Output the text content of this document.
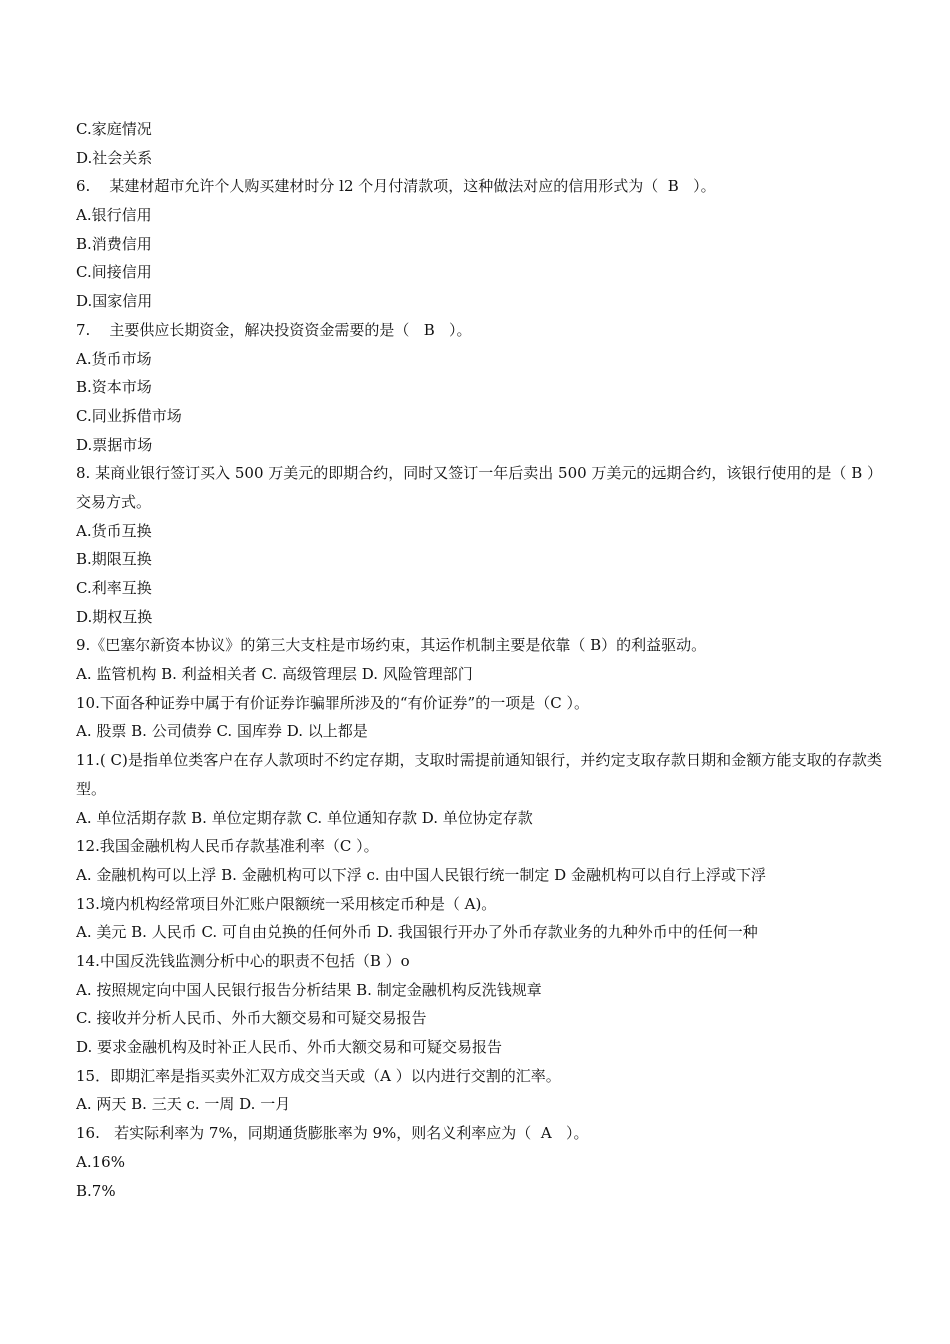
C.家庭情况
D.社会关系
6.    某建材超市允许个人购买建材时分 l2 个月付清款项，这种做法对应的信用形式为（  B   ）。
A.银行信用
B.消费信用
C.间接信用
D.国家信用
7.    主要供应长期资金，解决投资资金需要的是（   B   ）。
A.货币市场
B.资本市场
C.同业拆借市场
D.票据市场
8. 某商业银行签订买入 500 万美元的即期合约，同时又签订一年后卖出 500 万美元的远期合约，该银行使用的是（ B ）交易方式。
A.货币互换
B.期限互换
C.利率互换
D.期权互换
9.《巴塞尔新资本协议》的第三大支柱是市场约束，其运作机制主要是依靠（ B）的利益驱动。
A. 监管机构 B. 利益相关者 C. 高级管理层 D. 风险管理部门
10.下面各种证券中属于有价证券诈骗罪所涉及的“有价证券”的一项是（C ）。
A. 股票 B. 公司债券 C. 国库券 D. 以上都是
11.( C)是指单位类客户在存人款项时不约定存期，支取时需提前通知银行，并约定支取存款日期和金额方能支取的存款类型。
A. 单位活期存款 B. 单位定期存款 C. 单位通知存款 D. 单位协定存款
12.我国金融机构人民币存款基准利率（C ）。
A. 金融机构可以上浮 B. 金融机构可以下浮 c. 由中国人民银行统一制定 D 金融机构可以自行上浮或下浮
13.境内机构经常项目外汇账户限额统一采用核定币种是（ A)。
A. 美元 B. 人民币 C. 可自由兑换的任何外币 D. 我国银行开办了外币存款业务的九种外币中的任何一种
14.中国反洗钱监测分析中心的职责不包括（B ）o
A. 按照规定向中国人民银行报告分析结果 B. 制定金融机构反洗钱规章
C. 接收并分析人民币、外币大额交易和可疑交易报告
D. 要求金融机构及时补正人民币、外币大额交易和可疑交易报告
15．即期汇率是指买卖外汇双方成交当天或（A ）以内进行交割的汇率。
A. 两天 B. 三天 c. 一周 D. 一月
16.   若实际利率为 7%，同期通货膨胀率为 9%，则名义利率应为（  A   ）。
A.16%
B.7%
